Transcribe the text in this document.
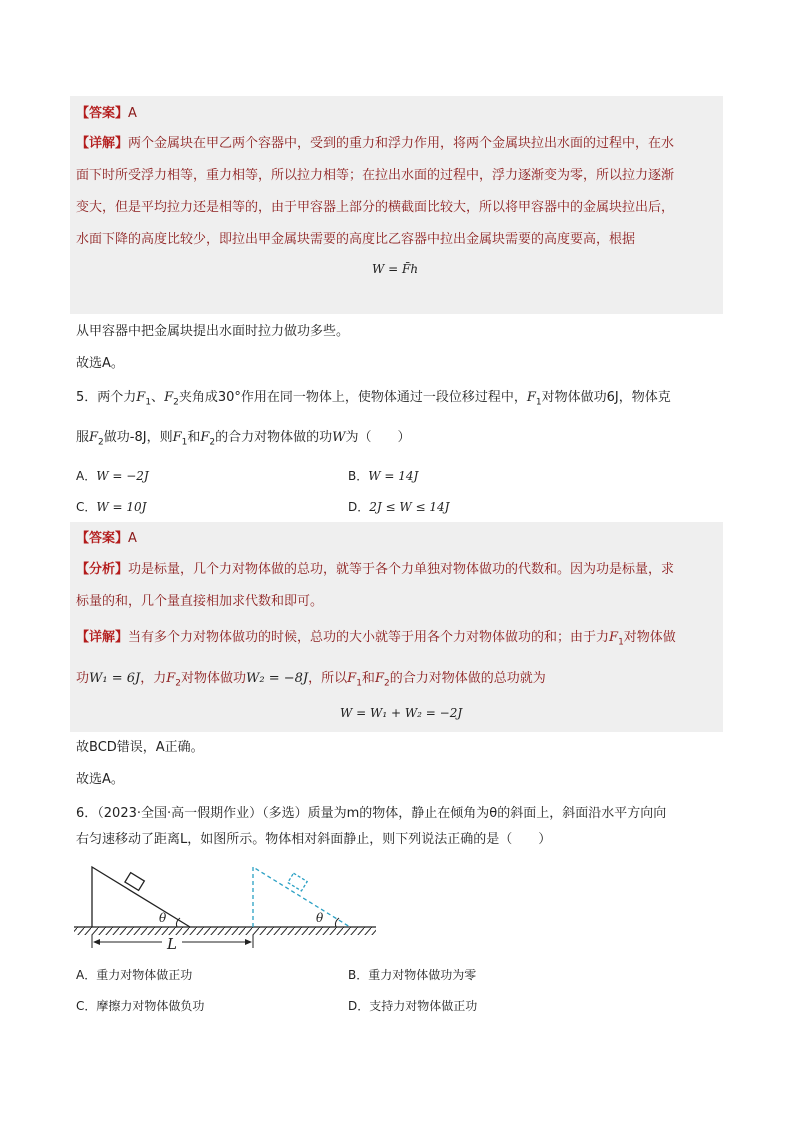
【答案】A
【详解】两个金属块在甲乙两个容器中，受到的重力和浮力作用，将两个金属块拉出水面的过程中，在水
面下时所受浮力相等，重力相等，所以拉力相等；在拉出水面的过程中，浮力逐渐变为零，所以拉力逐渐
变大，但是平均拉力还是相等的，由于甲容器上部分的横截面比较大，所以将甲容器中的金属块拉出后，
水面下降的高度比较少，即拉出甲金属块需要的高度比乙容器中拉出金属块需要的高度要高，根据
W = F̄h
从甲容器中把金属块提出水面时拉力做功多些。
故选A。
5．两个力$F_1$、$F_2$夹角成30°作用在同一物体上，使物体通过一段位移过程中，$F_1$对物体做功6J，物体克
服$F_2$做功-8J，则$F_1$和$F_2$的合力对物体做的功W为（　　）
A．W = −2J	B．W = 14J
C．W = 10J	D．2J ≤ W ≤ 14J
【答案】A
【分析】功是标量，几个力对物体做的总功，就等于各个力单独对物体做功的代数和。因为功是标量，求
标量的和，几个量直接相加求代数和即可。
【详解】当有多个力对物体做功的时候，总功的大小就等于用各个力对物体做功的和；由于力$F_1$对物体做
功W₁ = 6J，力$F_2$对物体做功W₂ = −8J，所以$F_1$和$F_2$的合力对物体做的总功就为
W = W₁ + W₂ = −2J
故BCD错误，A正确。
故选A。
6．（2023·全国·高一假期作业）（多选）质量为m的物体，静止在倾角为θ的斜面上，斜面沿水平方向向
右匀速移动了距离L，如图所示。物体相对斜面静止，则下列说法正确的是（　　）
θ	θ
L
A．重力对物体做正功	B．重力对物体做功为零
C．摩擦力对物体做负功	D．支持力对物体做正功
